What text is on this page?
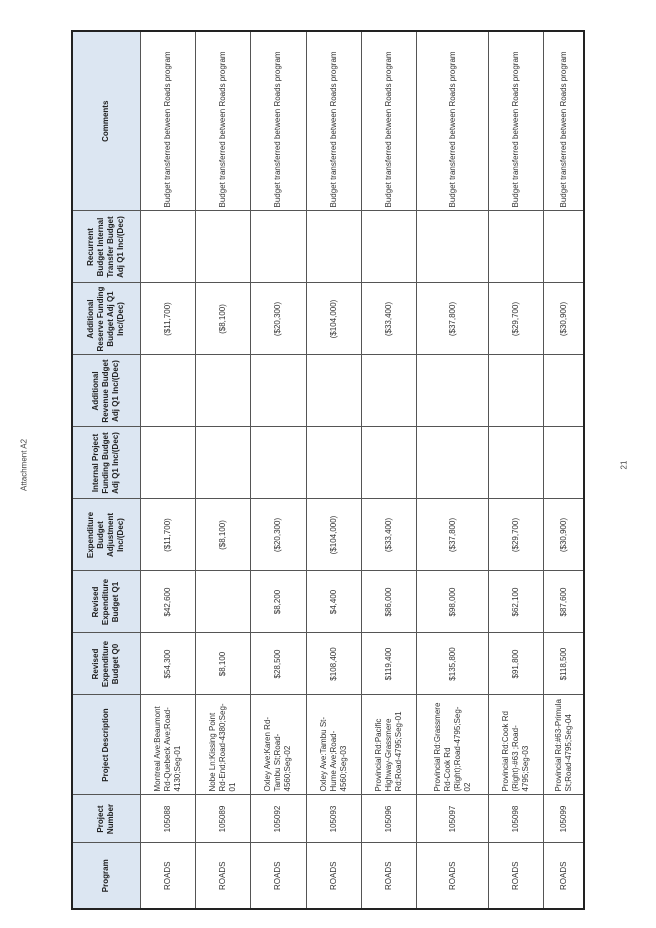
Attachment A2
Program	Project Number	Project Description	Revised Expenditure Budget Q0	Revised Expenditure Budget Q1	Expenditure Budget Adjustment Inc/(Dec)	Internal Project Funding Budget Adj Q1 Inc/(Dec)	Additional Revenue Budget Adj Q1 Inc/(Dec)	Additional Reserve Funding Budget Adj Q1 Inc/(Dec)	Recurrent Budget Internal Transfer Budget Adj Q1 Inc/(Dec)	Comments
ROADS	105088	Montreal Ave:Beaumont Rd-Quebeck Ave;Road-4130;Seg-01	$54,300	$42,600	($11,700)			($11,700)		Budget transferred between Roads program
ROADS	105089	Nobe Ln:Kissing Point Rd-End;Road-4380;Seg-01	$8,100		($8,100)			($8,100)		Budget transferred between Roads program
ROADS	105092	Oxley Ave:Karen Rd-Tambu St;Road-4560;Seg-02	$28,500	$8,200	($20,300)			($20,300)		Budget transferred between Roads program
ROADS	105093	Oxley Ave:Tambu St-Hume Ave;Road-4560;Seg-03	$108,400	$4,400	($104,000)			($104,000)		Budget transferred between Roads program
ROADS	105096	Provincial Rd:Pacific Highway-Grassmere Rd;Road-4795;Seg-01	$119,400	$86,000	($33,400)			($33,400)		Budget transferred between Roads program
ROADS	105097	Provincial Rd:Grassmere Rd-Cook Rd (Right);Road-4795;Seg-02	$135,800	$98,000	($37,800)			($37,800)		Budget transferred between Roads program
ROADS	105098	Provincial Rd:Cook Rd (Right)-#63 ;Road-4795;Seg-03	$91,800	$62,100	($29,700)			($29,700)		Budget transferred between Roads program
ROADS	105099	Provincial Rd:#63-Primula St;Road-4795;Seg-04	$118,500	$87,600	($30,900)			($30,900)		Budget transferred between Roads program
21
